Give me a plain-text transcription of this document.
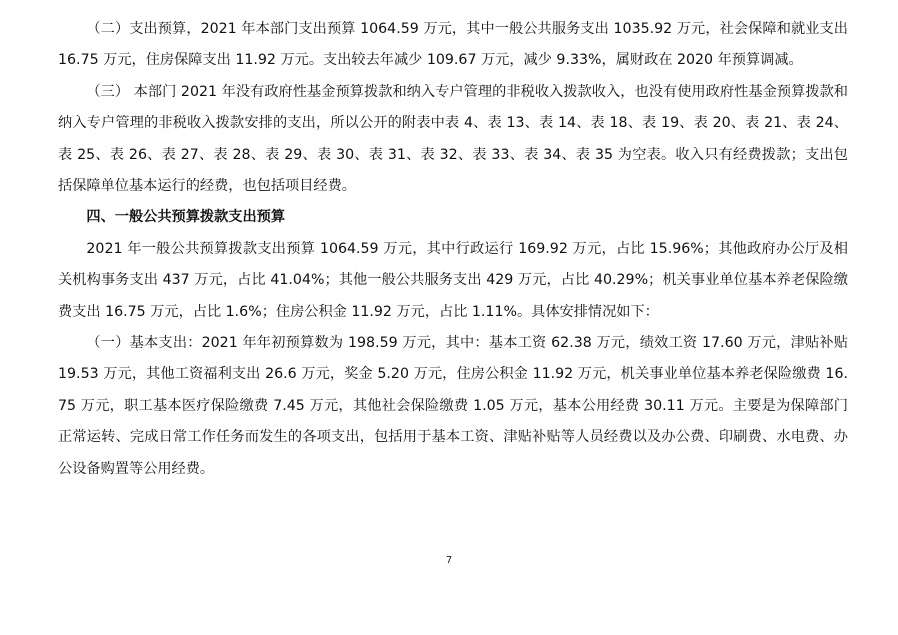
（二）支出预算，2021 年本部门支出预算 1064.59 万元，其中一般公共服务支出 1035.92 万元，社会保障和就业支出 16.75 万元，住房保障支出 11.92 万元。支出较去年减少 109.67 万元，减少 9.33%，属财政在 2020 年预算调减。

（三） 本部门 2021 年没有政府性基金预算拨款和纳入专户管理的非税收入拨款收入，也没有使用政府性基金预算拨款和纳入专户管理的非税收入拨款安排的支出，所以公开的附表中表 4、表 13、表 14、表 18、表 19、表 20、表 21、表 24、表 25、表 26、表 27、表 28、表 29、表 30、表 31、表 32、表 33、表 34、表 35 为空表。收入只有经费拨款；支出包括保障单位基本运行的经费，也包括项目经费。

四、一般公共预算拨款支出预算

2021 年一般公共预算拨款支出预算 1064.59 万元，其中行政运行 169.92 万元，占比 15.96%；其他政府办公厅及相关机构事务支出 437 万元，占比 41.04%；其他一般公共服务支出 429 万元，占比 40.29%；机关事业单位基本养老保险缴费支出 16.75 万元，占比 1.6%；住房公积金 11.92 万元，占比 1.11%。具体安排情况如下：

（一）基本支出：2021 年年初预算数为 198.59 万元，其中：基本工资 62.38 万元，绩效工资 17.60 万元，津贴补贴 19.53 万元，其他工资福利支出 26.6 万元，奖金 5.20 万元，住房公积金 11.92 万元，机关事业单位基本养老保险缴费 16.75 万元，职工基本医疗保险缴费 7.45 万元，其他社会保险缴费 1.05 万元，基本公用经费 30.11 万元。主要是为保障部门正常运转、完成日常工作任务而发生的各项支出，包括用于基本工资、津贴补贴等人员经费以及办公费、印刷费、水电费、办公设备购置等公用经费。

7
